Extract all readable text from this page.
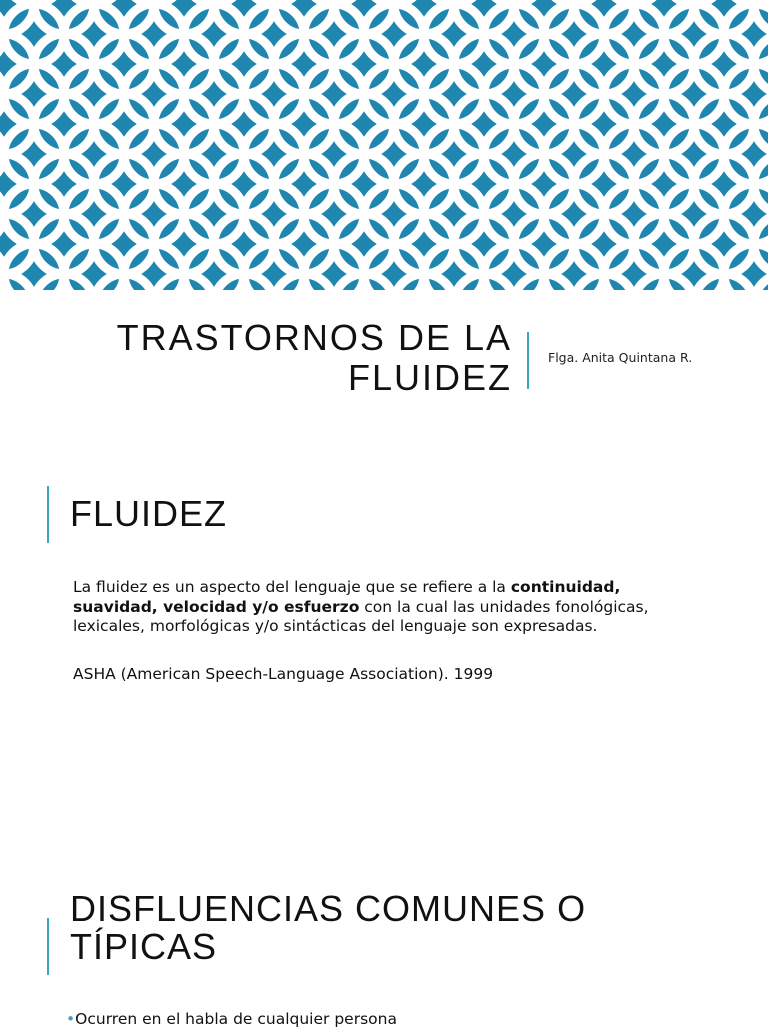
TRASTORNOS DE LA
FLUIDEZ	Flga. Anita Quintana R.
FLUIDEZ

La fluidez es un aspecto del lenguaje que se refiere a la continuidad, suavidad, velocidad y/o esfuerzo con la cual las unidades fonológicas, lexicales, morfológicas y/o sintácticas del lenguaje son expresadas.

ASHA (American Speech-Language Association). 1999

DISFLUENCIAS COMUNES O
TÍPICAS
•Ocurren en el habla de cualquier persona
